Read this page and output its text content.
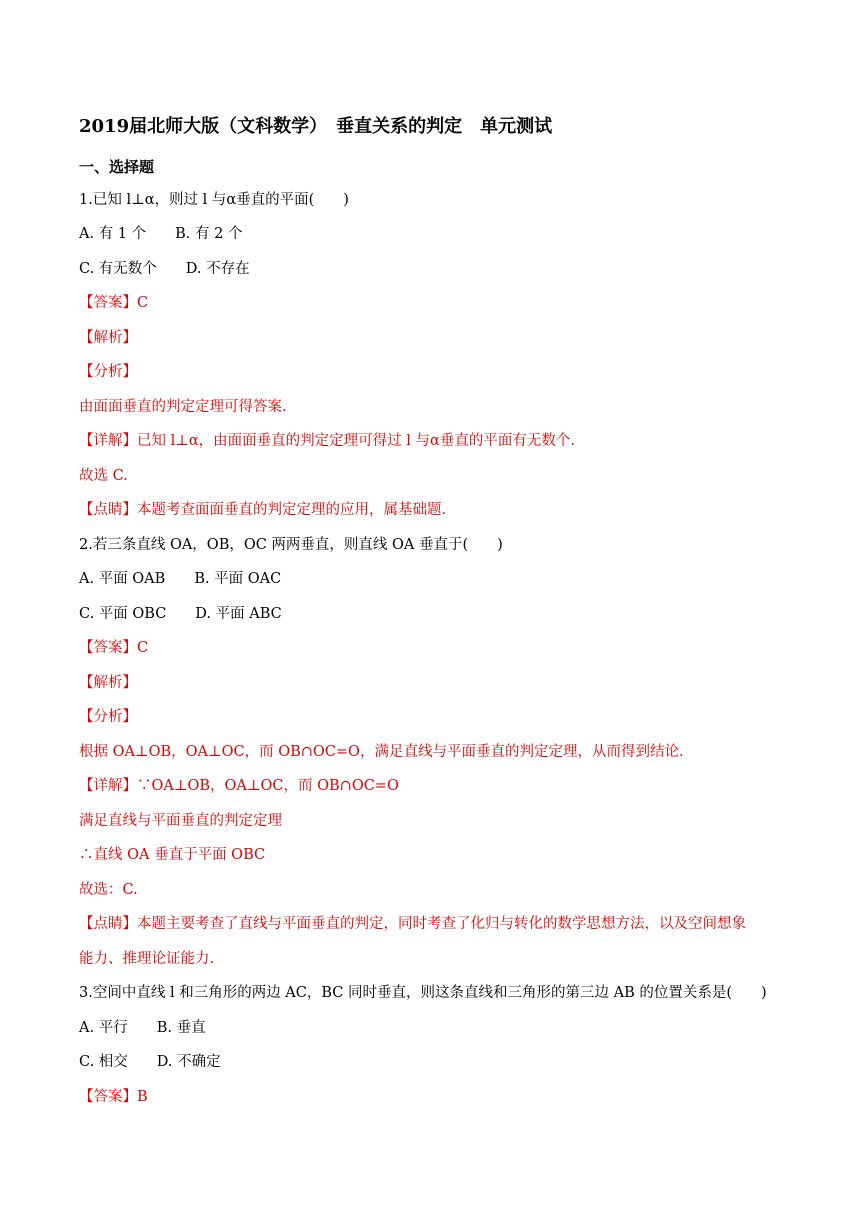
2019届北师大版（文科数学）　垂直关系的判定　单元测试
一、选择题
1.已知 l⊥α，则过 l 与α垂直的平面(　　)
A. 有 1 个　　B. 有 2 个
C. 有无数个　　D. 不存在
【答案】C
【解析】
【分析】
由面面垂直的判定定理可得答案.
【详解】已知 l⊥α，由面面垂直的判定定理可得过 l 与α垂直的平面有无数个.
故选 C.
【点睛】本题考查面面垂直的判定定理的应用，属基础题.
2.若三条直线 OA，OB，OC 两两垂直，则直线 OA 垂直于(　　)
A. 平面 OAB　　B. 平面 OAC
C. 平面 OBC　　D. 平面 ABC
【答案】C
【解析】
【分析】
根据 OA⊥OB，OA⊥OC，而 OB∩OC=O，满足直线与平面垂直的判定定理，从而得到结论.
【详解】∵OA⊥OB，OA⊥OC，而 OB∩OC=O
满足直线与平面垂直的判定定理
∴直线 OA 垂直于平面 OBC
故选：C.
【点睛】本题主要考查了直线与平面垂直的判定，同时考查了化归与转化的数学思想方法，以及空间想象
能力、推理论证能力.
3.空间中直线 l 和三角形的两边 AC，BC 同时垂直，则这条直线和三角形的第三边 AB 的位置关系是(　　)
A. 平行　　B. 垂直
C. 相交　　D. 不确定
【答案】B
